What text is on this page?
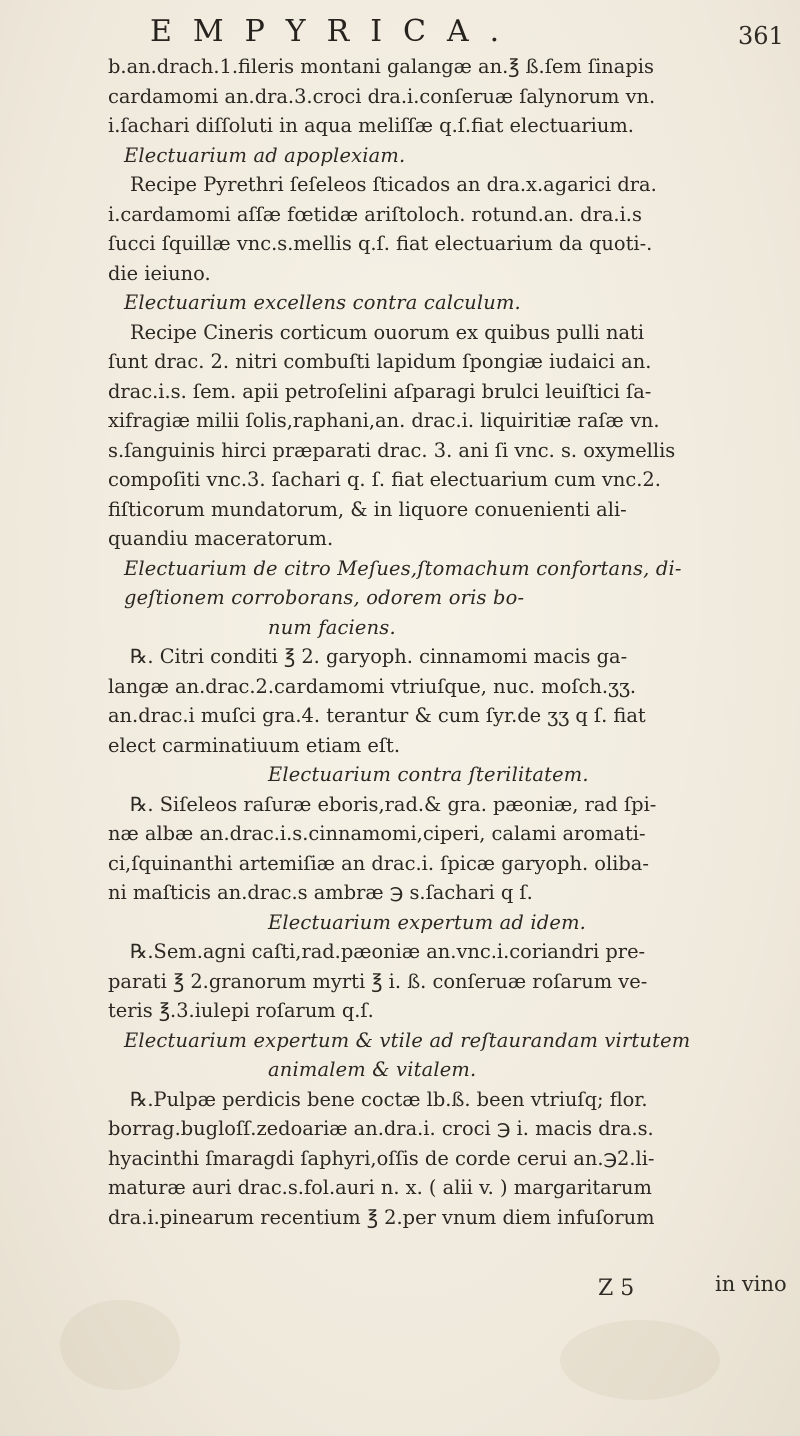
EMPYRICA.	361
b.an.drach.1.fileris montani galangæ an.℥ ß.ſem ſinapis
cardamomi an.dra.3.croci dra.i.conſeruæ ſalynorum vn.
i.ſachari diſſoluti in aqua meliſſæ q.ſ.fiat electuarium.
Electuarium ad apoplexiam.
Recipe Pyrethri ſeſeleos ſticados an dra.x.agarici dra.
i.cardamomi aſſæ fœtidæ ariſtoloch. rotund.an. dra.i.s
ſucci ſquillæ vnc.s.mellis q.ſ. fiat electuarium da quoti-.
die ieiuno.
Electuarium excellens contra calculum.
Recipe Cineris corticum ouorum ex quibus pulli nati
ſunt drac. 2. nitri combuſti lapidum ſpongiæ iudaici an.
drac.i.s. ſem. apii petroſelini aſparagi brulci leuiſtici ſa-
xifragiæ milii ſolis,raphani,an. drac.i. liquiritiæ raſæ vn.
s.ſanguinis hirci præparati drac. 3. ani ſi vnc. s. oxymellis
compoſiti vnc.3. ſachari q. ſ. fiat electuarium cum vnc.2.
fiſticorum mundatorum, & in liquore conuenienti ali-
quandiu maceratorum.
Electuarium de citro Meſues,ſtomachum confortans, di-
geſtionem corroborans, odorem oris bo-
num faciens.
℞. Citri conditi ℥ 2. garyoph. cinnamomi macis ga-
langæ an.drac.2.cardamomi vtriuſque, nuc. moſch.ʒʒ.
an.drac.i muſci gra.4. terantur & cum ſyr.de ʒʒ q ſ. fiat
elect carminatiuum etiam eſt.
Electuarium contra ſterilitatem.
℞. Siſeleos raſuræ eboris,rad.& gra. pæoniæ, rad ſpi-
næ albæ an.drac.i.s.cinnamomi,ciperi, calami aromati-
ci,ſquinanthi artemiſiæ an drac.i. ſpicæ garyoph. oliba-
ni maſticis an.drac.s ambræ ℈ s.ſachari q ſ.
Electuarium expertum ad idem.
℞.Sem.agni caſti,rad.pæoniæ an.vnc.i.coriandri pre-
parati ℥ 2.granorum myrti ℥ i. ß. conſeruæ roſarum ve-
teris ℥.3.iulepi roſarum q.ſ.
Electuarium expertum & vtile ad reſtaurandam virtutem
animalem & vitalem.
℞.Pulpæ perdicis bene coctæ lb.ß. been vtriuſq; flor.
borrag.bugloſſ.zedoariæ an.dra.i. croci ℈ i. macis dra.s.
hyacinthi ſmaragdi ſaphyri,oſſis de corde cerui an.℈2.li-
maturæ auri drac.s.fol.auri n. x. ( alii v. ) margaritarum
dra.i.pinearum recentium ℥ 2.per vnum diem infuſorum
Z 5	in vino
